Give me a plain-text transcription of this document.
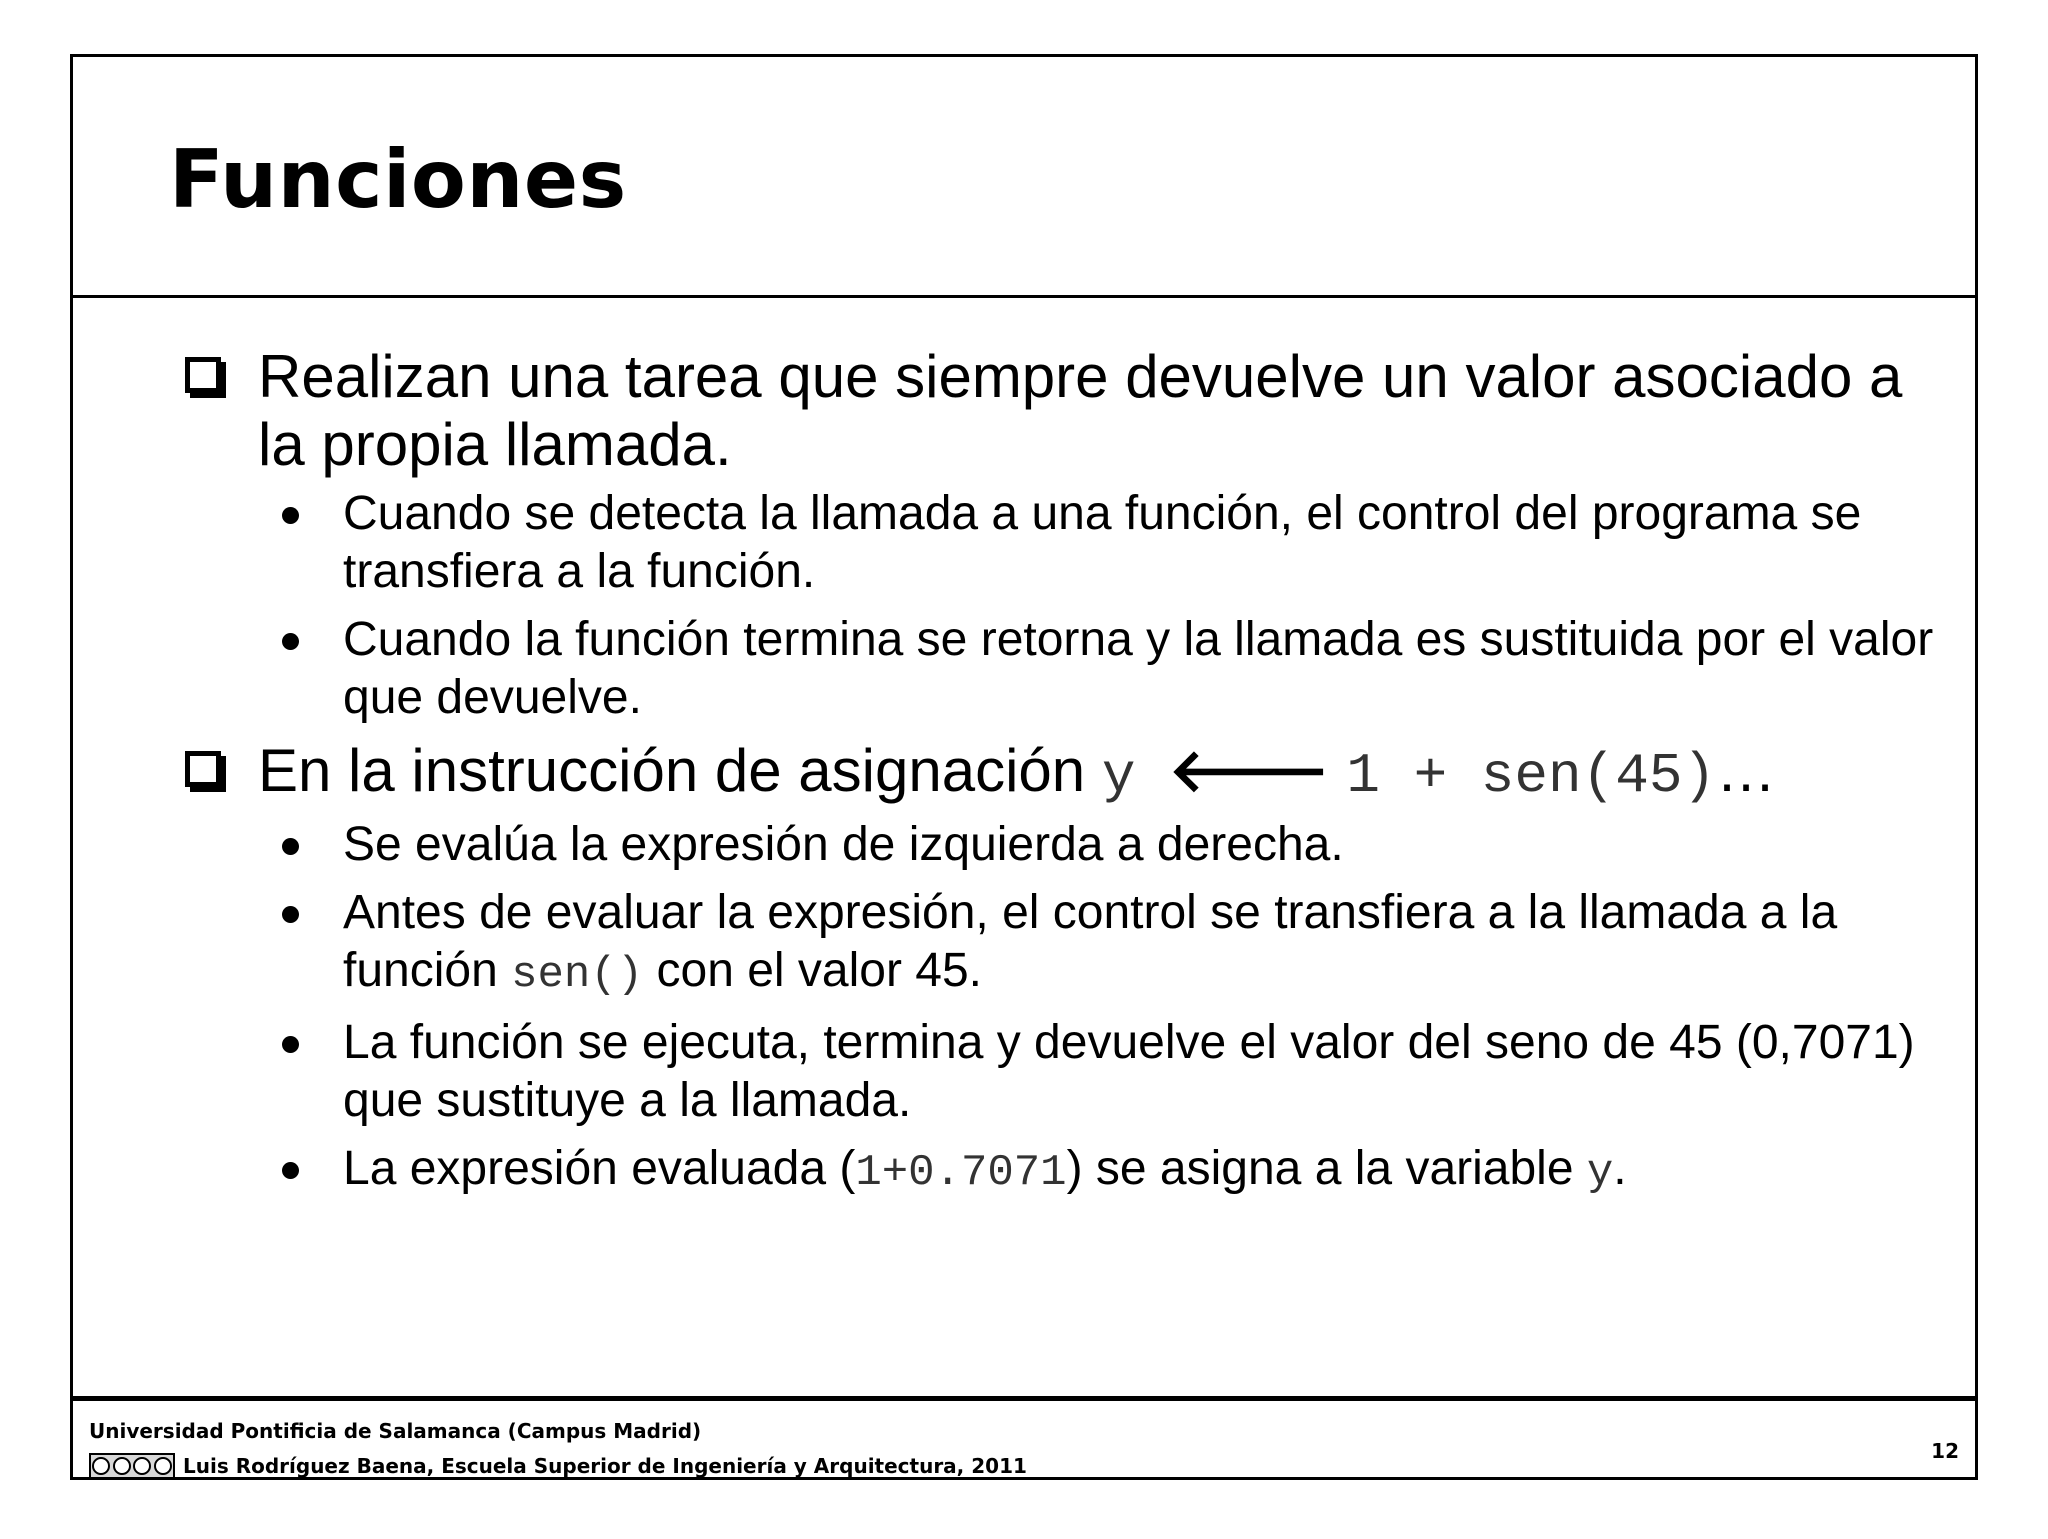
Funciones
Realizan una tarea que siempre devuelve un valor asociado a la propia llamada.
Cuando se detecta la llamada a una función, el control del programa se transfiera a la función.
Cuando la función termina se retorna y la llamada es sustituida por el valor que devuelve.
En la instrucción de asignación y 🡐 1 + sen(45)…
Se evalúa la expresión de izquierda a derecha.
Antes de evaluar la expresión, el control se transfiera a la llamada a la función sen() con el valor 45.
La función se ejecuta, termina y devuelve el valor del seno de 45 (0,7071) que sustituye a la llamada.
La expresión evaluada (1+0.7071) se asigna a la variable y.
Universidad Pontificia de Salamanca (Campus Madrid)
Luis Rodríguez Baena, Escuela Superior de Ingeniería y Arquitectura, 2011
12
